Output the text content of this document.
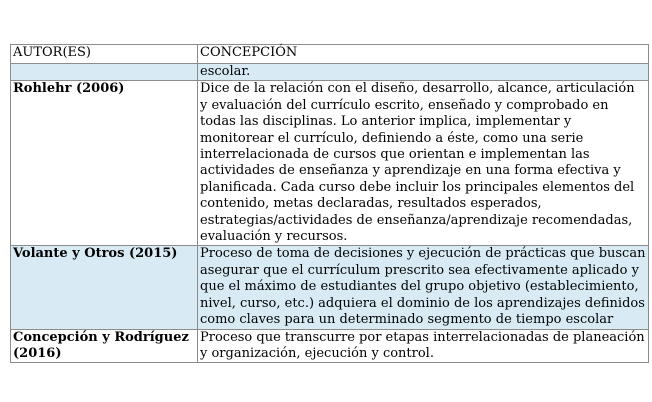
AUTOR(ES)	CONCEPCIÓN
	escolar.
Rohlehr (2006)	Dice de la relación con el diseño, desarrollo, alcance, articulación y evaluación del currículo escrito, enseñado y comprobado en todas las disciplinas. Lo anterior implica, implementar y monitorear el currículo, definiendo a éste, como una serie interrelacionada de cursos que orientan e implementan las actividades de enseñanza y aprendizaje en una forma efectiva y planificada. Cada curso debe incluir los principales elementos del contenido, metas declaradas, resultados esperados, estrategias/actividades de enseñanza/aprendizaje recomendadas, evaluación y recursos.
Volante y Otros (2015)	Proceso de toma de decisiones y ejecución de prácticas que buscan asegurar que el currículum prescrito sea efectivamente aplicado y que el máximo de estudiantes del grupo objetivo (establecimiento, nivel, curso, etc.) adquiera el dominio de los aprendizajes definidos como claves para un determinado segmento de tiempo escolar
Concepción y Rodríguez (2016)	Proceso que transcurre por etapas interrelacionadas de planeación y organización, ejecución y control.
